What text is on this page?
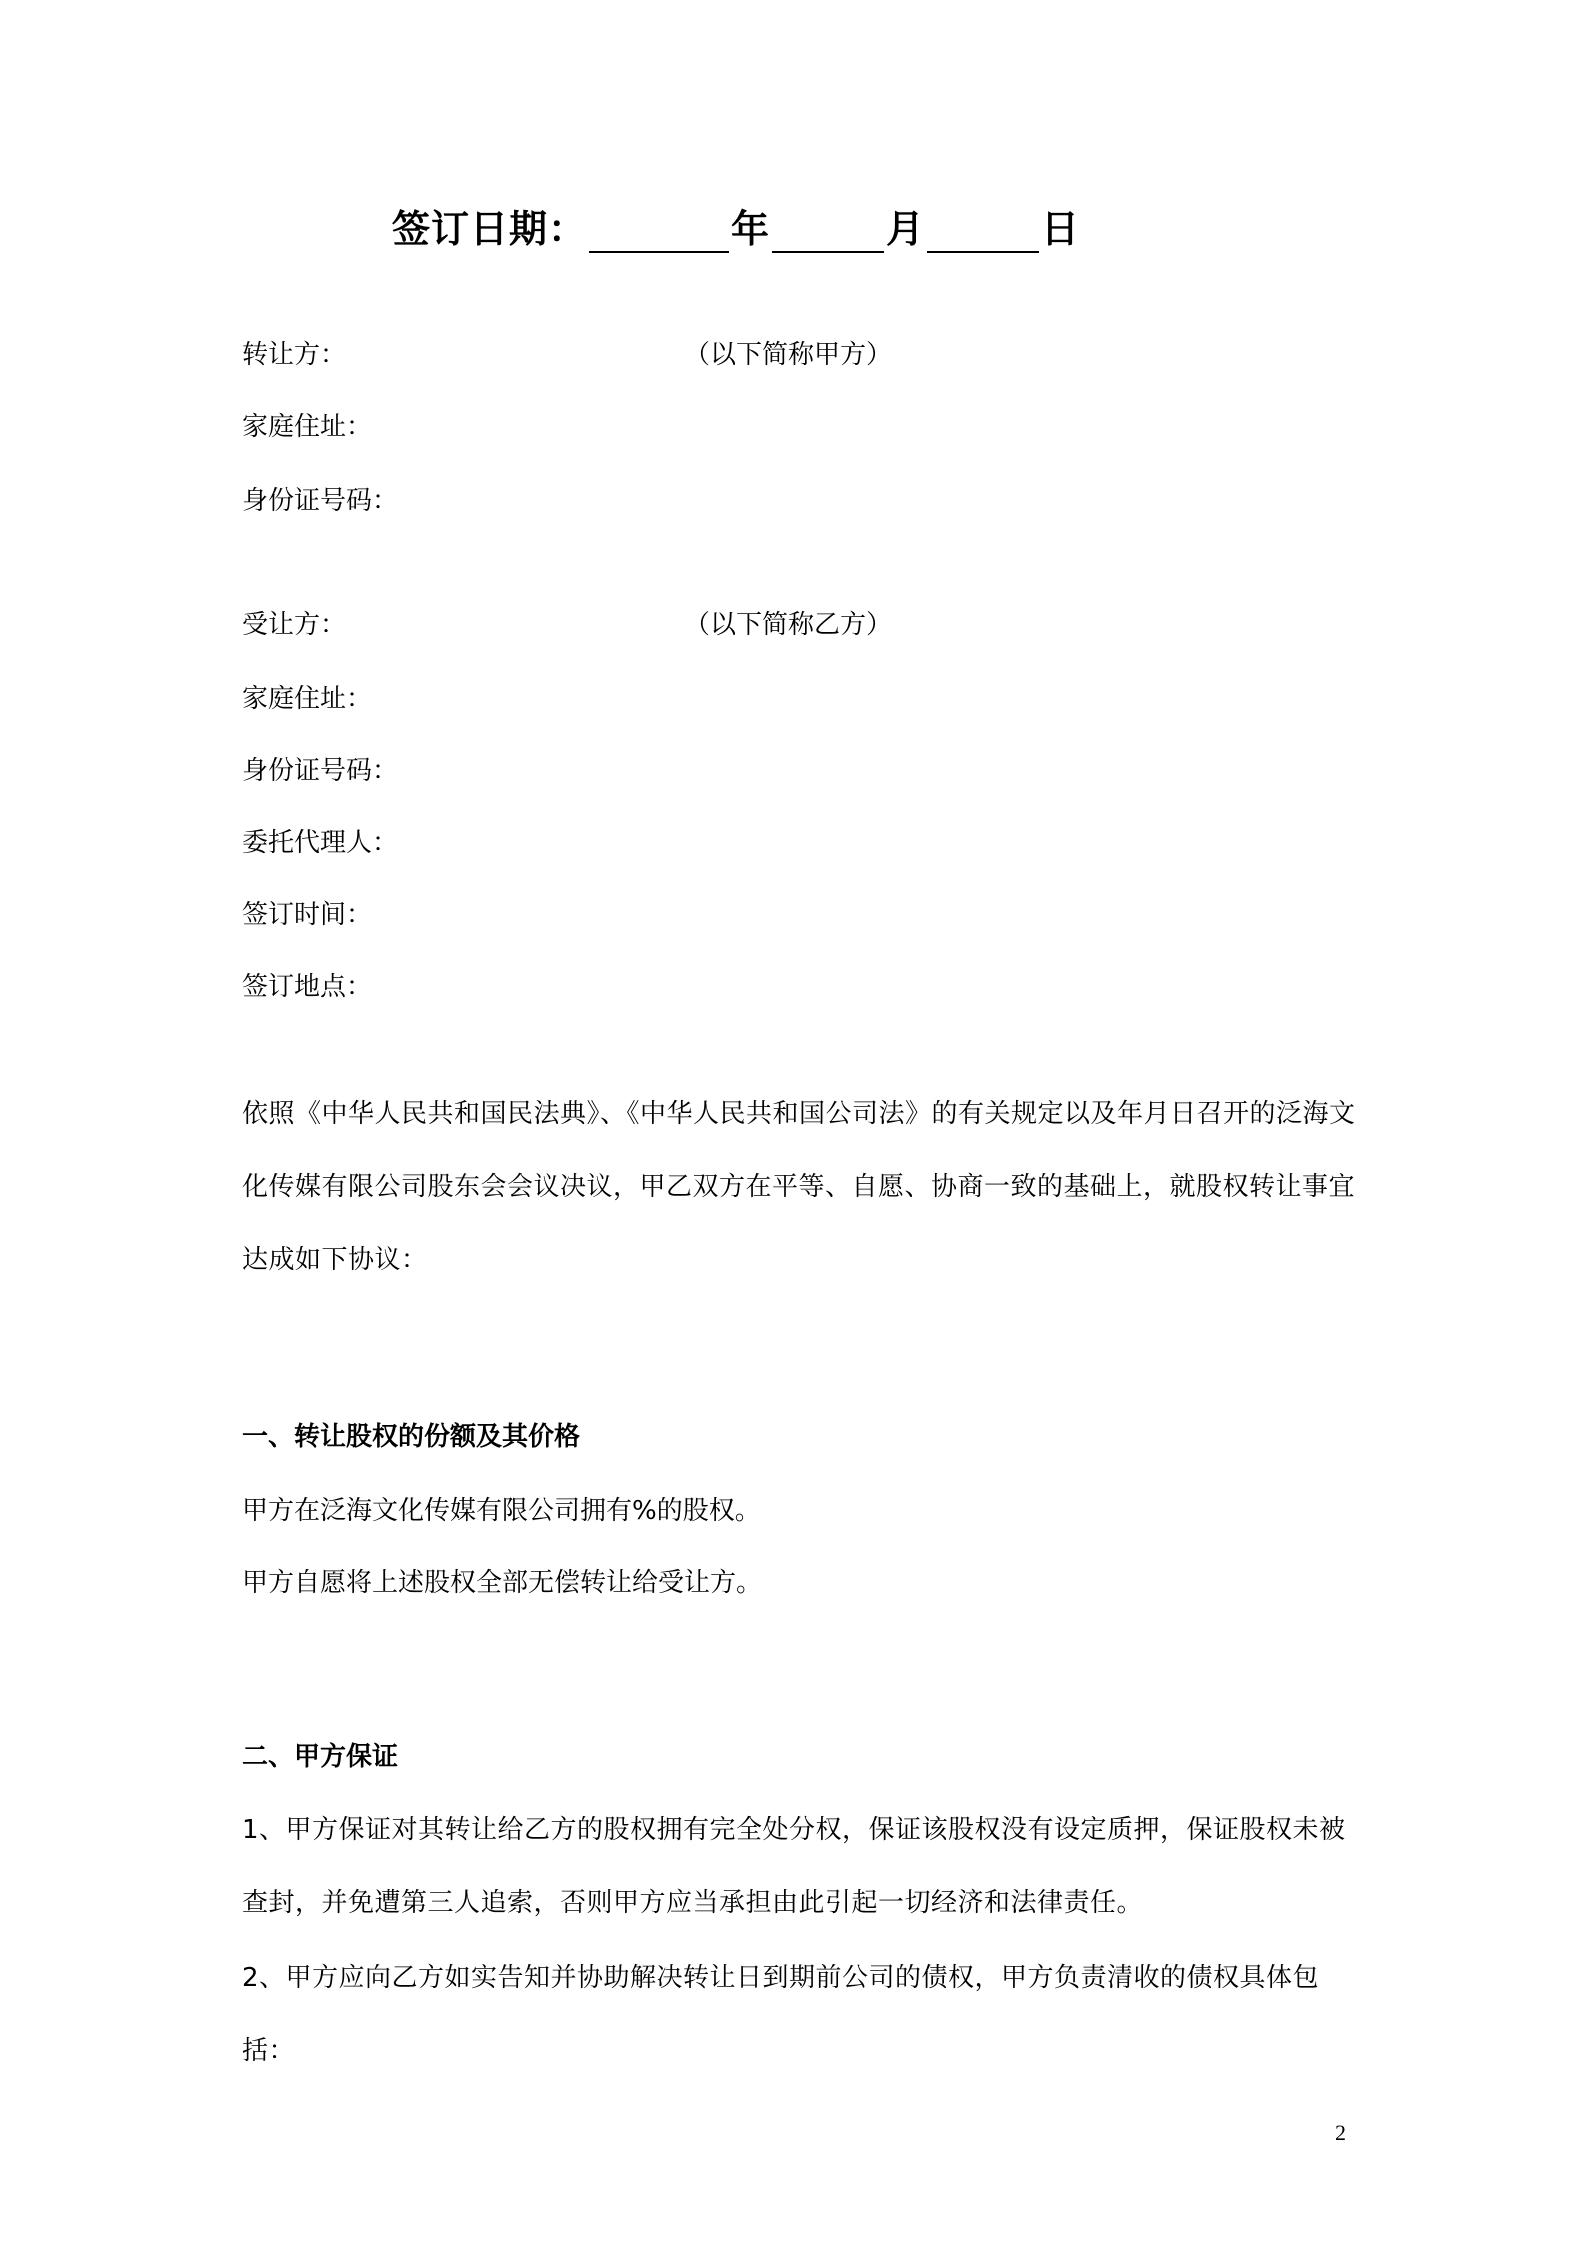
签订日期：	年	月	日
转让方：	（以下简称甲方）
家庭住址：
身份证号码：
受让方：	（以下简称乙方）
家庭住址：
身份证号码：
委托代理人：
签订时间：
签订地点：
依照《中华人民共和国民法典》、《中华人民共和国公司法》的有关规定以及年月日召开的泛海文化传媒有限公司股东会会议决议，甲乙双方在平等、自愿、协商一致的基础上，就股权转让事宜达成如下协议：
一、转让股权的份额及其价格
甲方在泛海文化传媒有限公司拥有%的股权。
甲方自愿将上述股权全部无偿转让给受让方。
二、甲方保证
1、甲方保证对其转让给乙方的股权拥有完全处分权，保证该股权没有设定质押，保证股权未被查封，并免遭第三人追索，否则甲方应当承担由此引起一切经济和法律责任。
2、甲方应向乙方如实告知并协助解决转让日到期前公司的债权，甲方负责清收的债权具体包括：
2
